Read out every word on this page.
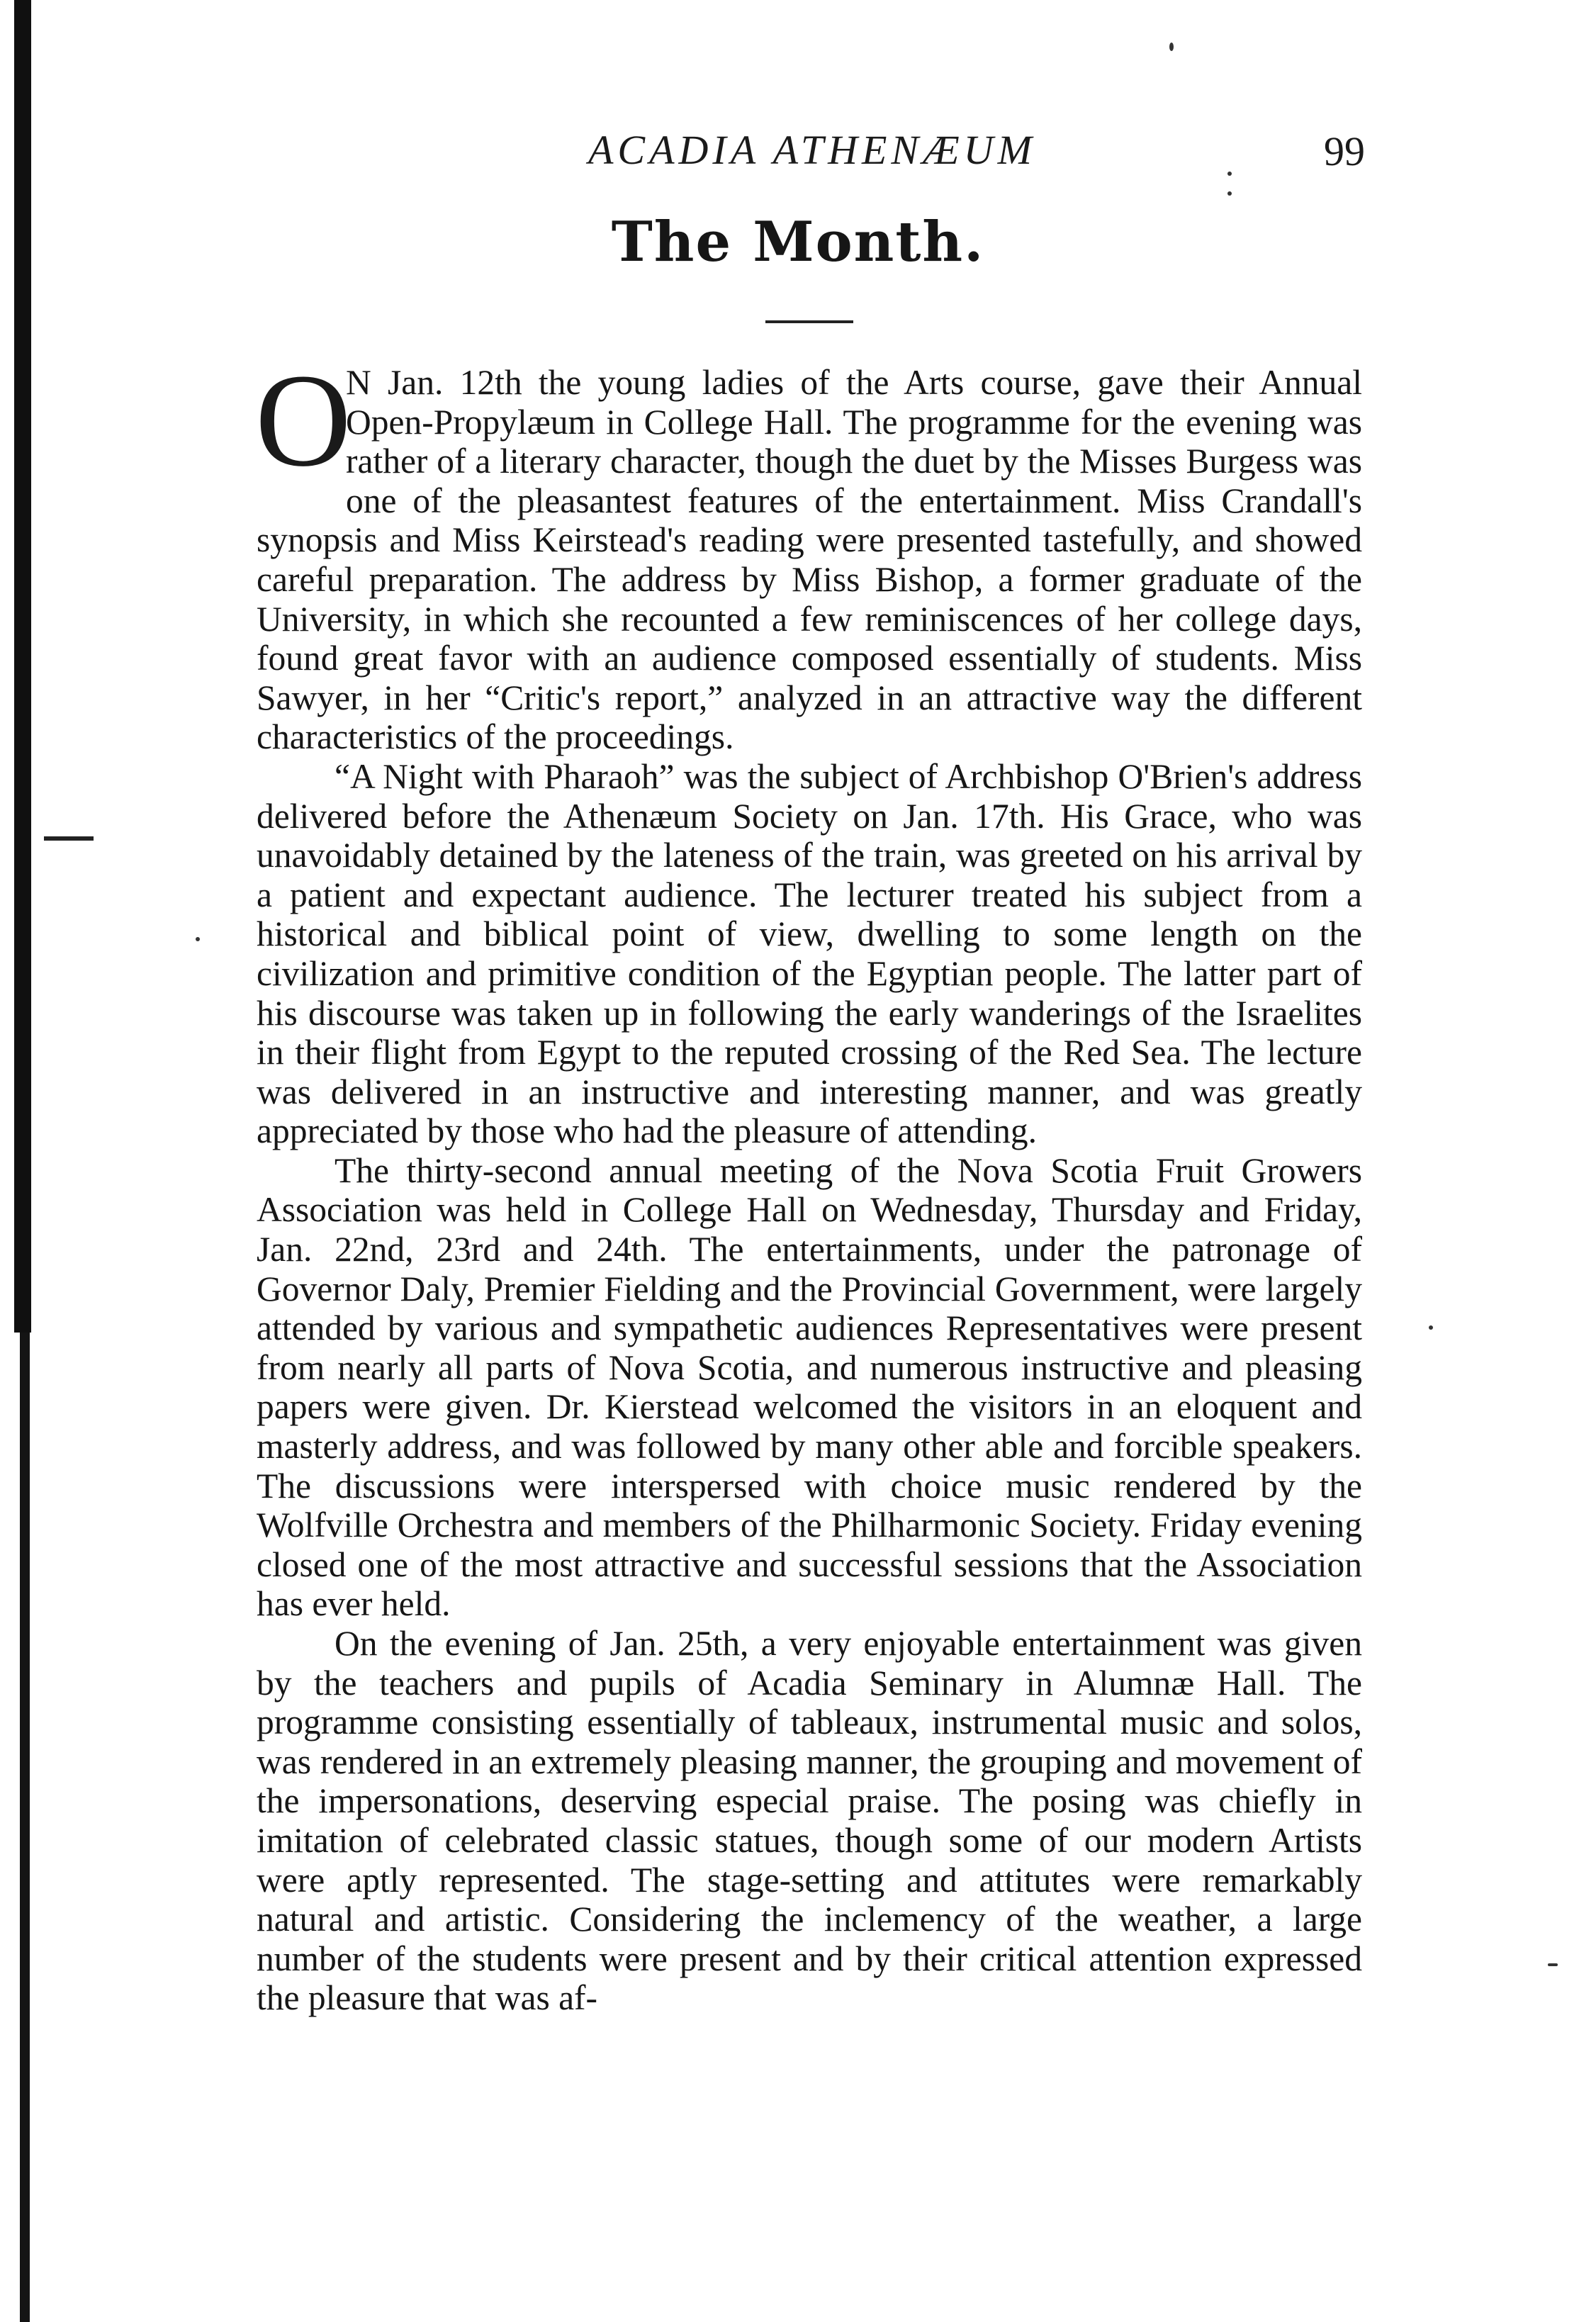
ACADIA ATHENÆUM	99
The Month.

O
N Jan. 12th the young ladies of the Arts course, gave their Annual Open-Propylæum in College Hall. The programme for the evening was rather of a literary character, though the duet by the Misses Burgess was one of the pleasantest features of the entertainment. Miss Crandall's synopsis and Miss Keirstead's reading were presented tastefully, and showed careful preparation. The address by Miss Bishop, a former graduate of the University, in which she recounted a few reminiscences of her college days, found great favor with an audience composed essentially of students. Miss Sawyer, in her “Critic's report,” analyzed in an attractive way the different characteristics of the proceedings.

“A Night with Pharaoh” was the subject of Archbishop O'Brien's address delivered before the Athenæum Society on Jan. 17th. His Grace, who was unavoidably detained by the lateness of the train, was greeted on his arrival by a patient and expectant audience. The lecturer treated his subject from a historical and biblical point of view, dwelling to some length on the civilization and primitive condition of the Egyptian people. The latter part of his discourse was taken up in following the early wanderings of the Israelites in their flight from Egypt to the reputed crossing of the Red Sea. The lecture was delivered in an instructive and interesting manner, and was greatly appreciated by those who had the pleasure of attending.

The thirty-second annual meeting of the Nova Scotia Fruit Growers Association was held in College Hall on Wednesday, Thursday and Friday, Jan. 22nd, 23rd and 24th. The entertainments, under the patronage of Governor Daly, Premier Fielding and the Provincial Government, were largely attended by various and sympathetic audiences Representatives were present from nearly all parts of Nova Scotia, and numerous instructive and pleasing papers were given. Dr. Kierstead welcomed the visitors in an eloquent and masterly address, and was followed by many other able and forcible speakers. The discussions were interspersed with choice music rendered by the Wolfville Orchestra and members of the Philharmonic Society. Friday evening closed one of the most attractive and successful sessions that the Association has ever held.

On the evening of Jan. 25th, a very enjoyable entertainment was given by the teachers and pupils of Acadia Seminary in Alumnæ Hall. The programme consisting essentially of tableaux, instrumental music and solos, was rendered in an extremely pleasing manner, the grouping and movement of the impersonations, deserving especial praise. The posing was chiefly in imitation of celebrated classic statues, though some of our modern Artists were aptly represented. The stage-setting and attitutes were remarkably natural and artistic. Considering the inclemency of the weather, a large number of the students were present and by their critical attention expressed the pleasure that was af-
